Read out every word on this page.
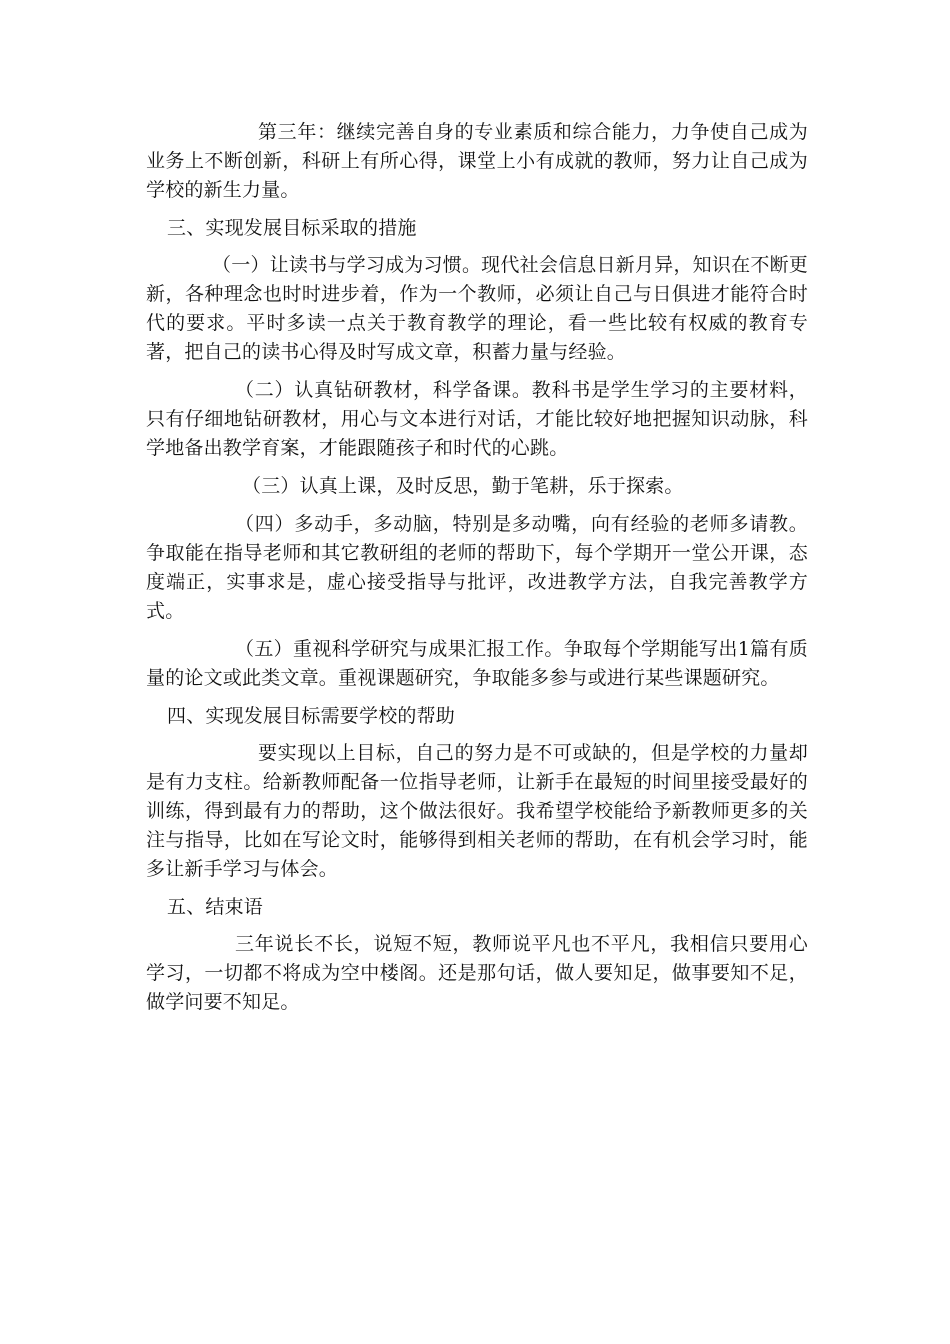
第三年：继续完善自身的专业素质和综合能力，力争使自己成为业务上不断创新，科研上有所心得，课堂上小有成就的教师，努力让自己成为学校的新生力量。

三、实现发展目标采取的措施

（一）让读书与学习成为习惯。现代社会信息日新月异，知识在不断更新，各种理念也时时进步着，作为一个教师，必须让自己与日俱进才能符合时代的要求。平时多读一点关于教育教学的理论，看一些比较有权威的教育专著，把自己的读书心得及时写成文章，积蓄力量与经验。

（二）认真钻研教材，科学备课。教科书是学生学习的主要材料，只有仔细地钻研教材，用心与文本进行对话，才能比较好地把握知识动脉，科学地备出教学育案，才能跟随孩子和时代的心跳。

（三）认真上课，及时反思，勤于笔耕，乐于探索。

（四）多动手，多动脑，特别是多动嘴，向有经验的老师多请教。争取能在指导老师和其它教研组的老师的帮助下，每个学期开一堂公开课，态度端正，实事求是，虚心接受指导与批评，改进教学方法，自我完善教学方式。

（五）重视科学研究与成果汇报工作。争取每个学期能写出1篇有质量的论文或此类文章。重视课题研究，争取能多参与或进行某些课题研究。

四、实现发展目标需要学校的帮助

要实现以上目标，自己的努力是不可或缺的，但是学校的力量却是有力支柱。给新教师配备一位指导老师，让新手在最短的时间里接受最好的训练，得到最有力的帮助，这个做法很好。我希望学校能给予新教师更多的关注与指导，比如在写论文时，能够得到相关老师的帮助，在有机会学习时，能多让新手学习与体会。

五、结束语

三年说长不长，说短不短，教师说平凡也不平凡，我相信只要用心学习，一切都不将成为空中楼阁。还是那句话，做人要知足，做事要知不足，做学问要不知足。
